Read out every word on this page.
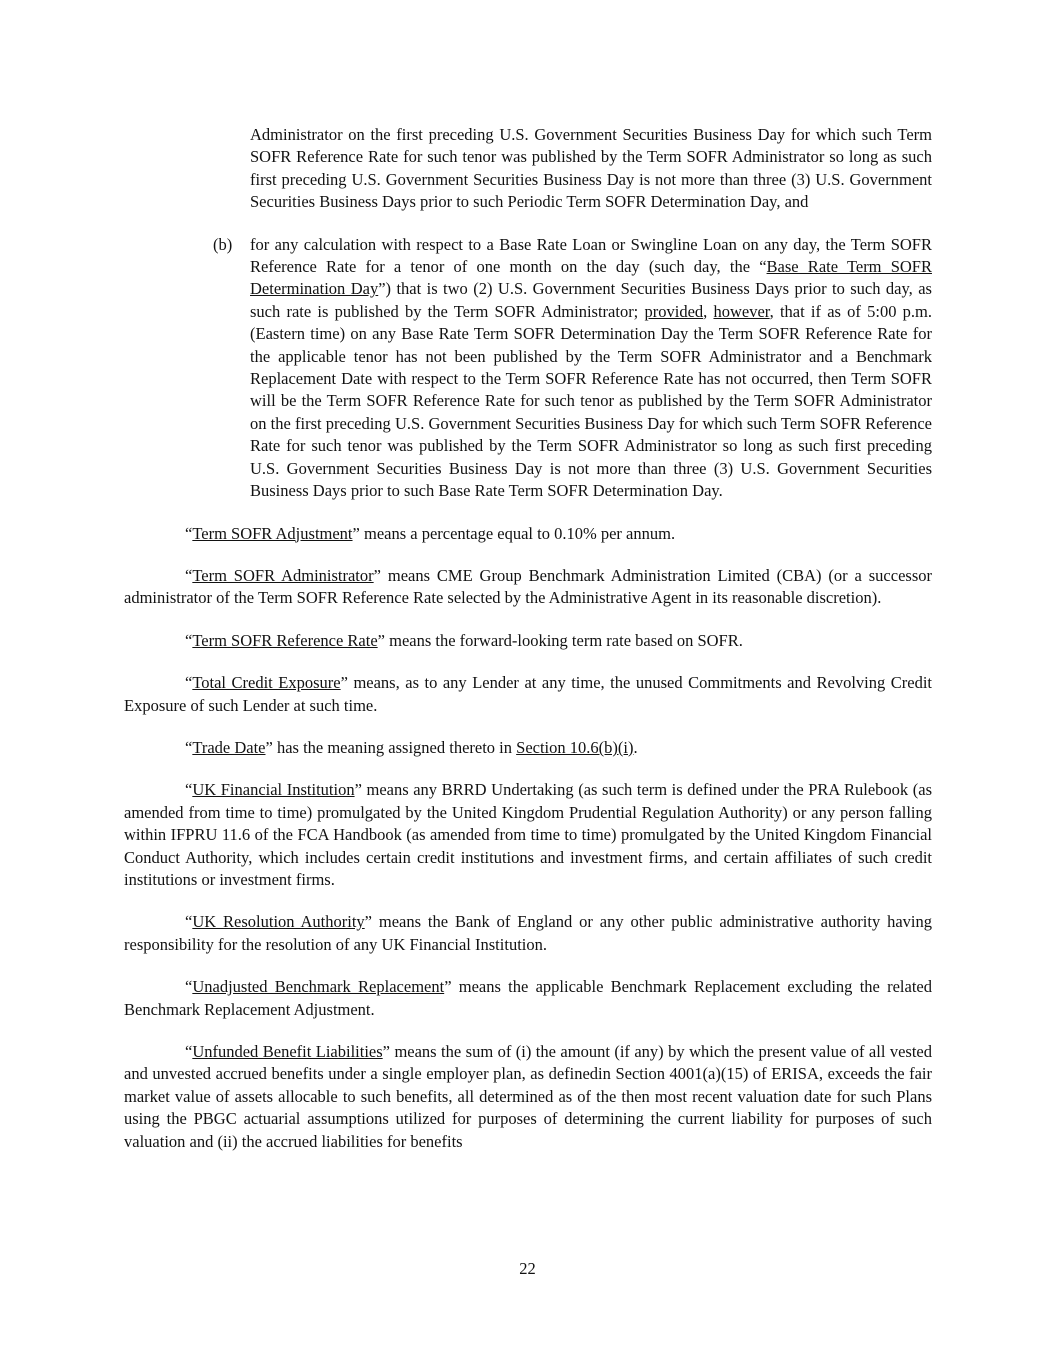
Administrator on the first preceding U.S. Government Securities Business Day for which such Term SOFR Reference Rate for such tenor was published by the Term SOFR Administrator so long as such first preceding U.S. Government Securities Business Day is not more than three (3) U.S. Government Securities Business Days prior to such Periodic Term SOFR Determination Day, and

(b) for any calculation with respect to a Base Rate Loan or Swingline Loan on any day, the Term SOFR Reference Rate for a tenor of one month on the day (such day, the “Base Rate Term SOFR Determination Day”) that is two (2) U.S. Government Securities Business Days prior to such day, as such rate is published by the Term SOFR Administrator; provided, however, that if as of 5:00 p.m. (Eastern time) on any Base Rate Term SOFR Determination Day the Term SOFR Reference Rate for the applicable tenor has not been published by the Term SOFR Administrator and a Benchmark Replacement Date with respect to the Term SOFR Reference Rate has not occurred, then Term SOFR will be the Term SOFR Reference Rate for such tenor as published by the Term SOFR Administrator on the first preceding U.S. Government Securities Business Day for which such Term SOFR Reference Rate for such tenor was published by the Term SOFR Administrator so long as such first preceding U.S. Government Securities Business Day is not more than three (3) U.S. Government Securities Business Days prior to such Base Rate Term SOFR Determination Day.

“Term SOFR Adjustment” means a percentage equal to 0.10% per annum.

“Term SOFR Administrator” means CME Group Benchmark Administration Limited (CBA) (or a successor administrator of the Term SOFR Reference Rate selected by the Administrative Agent in its reasonable discretion).

“Term SOFR Reference Rate” means the forward-looking term rate based on SOFR.

“Total Credit Exposure” means, as to any Lender at any time, the unused Commitments and Revolving Credit Exposure of such Lender at such time.

“Trade Date” has the meaning assigned thereto in Section 10.6(b)(i).

“UK Financial Institution” means any BRRD Undertaking (as such term is defined under the PRA Rulebook (as amended from time to time) promulgated by the United Kingdom Prudential Regulation Authority) or any person falling within IFPRU 11.6 of the FCA Handbook (as amended from time to time) promulgated by the United Kingdom Financial Conduct Authority, which includes certain credit institutions and investment firms, and certain affiliates of such credit institutions or investment firms.

“UK Resolution Authority” means the Bank of England or any other public administrative authority having responsibility for the resolution of any UK Financial Institution.

“Unadjusted Benchmark Replacement” means the applicable Benchmark Replacement excluding the related Benchmark Replacement Adjustment.

“Unfunded Benefit Liabilities” means the sum of (i) the amount (if any) by which the present value of all vested and unvested accrued benefits under a single employer plan, as definedin Section 4001(a)(15) of ERISA, exceeds the fair market value of assets allocable to such benefits, all determined as of the then most recent valuation date for such Plans using the PBGC actuarial assumptions utilized for purposes of determining the current liability for purposes of such valuation and (ii) the accrued liabilities for benefits

22
